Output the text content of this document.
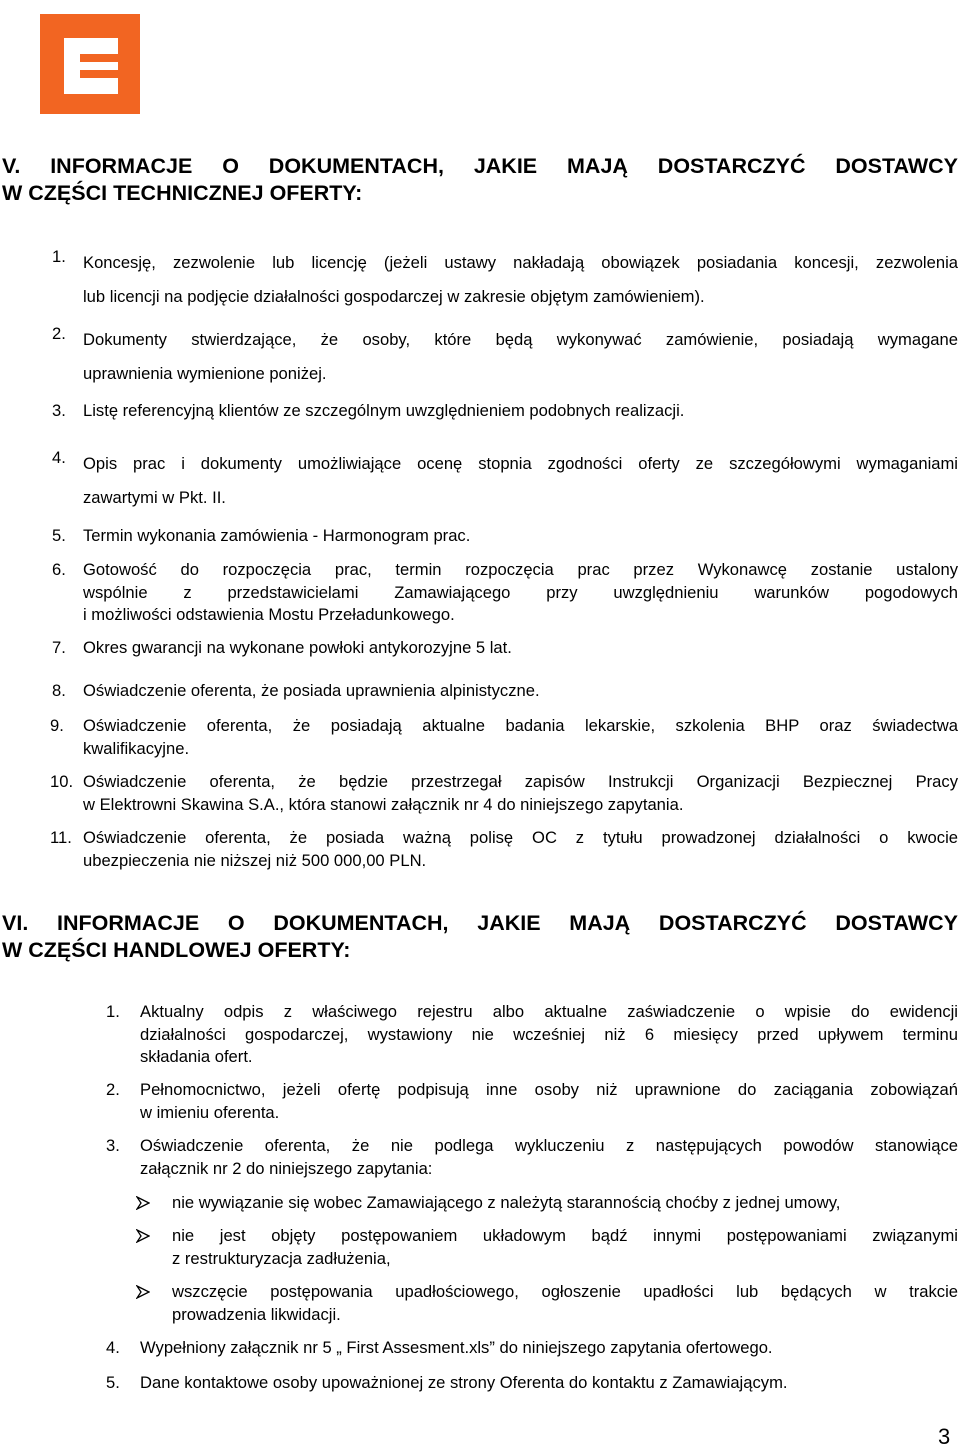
V. INFORMACJE O DOKUMENTACH, JAKIE MAJĄ DOSTARCZYĆ DOSTAWCY
W CZĘŚCI TECHNICZNEJ OFERTY:
1. Koncesję, zezwolenie lub licencję (jeżeli ustawy nakładają obowiązek posiadania koncesji, zezwolenia
lub licencji na podjęcie działalności gospodarczej w zakresie objętym zamówieniem).
2. Dokumenty stwierdzające, że osoby, które będą wykonywać zamówienie, posiadają wymagane
uprawnienia wymienione poniżej.
3. Listę referencyjną klientów ze szczególnym uwzględnieniem podobnych realizacji.
4. Opis prac i dokumenty umożliwiające ocenę stopnia zgodności oferty ze szczegółowymi wymaganiami
zawartymi w Pkt. II.
5. Termin wykonania zamówienia - Harmonogram prac.
6. Gotowość do rozpoczęcia prac, termin rozpoczęcia prac przez Wykonawcę zostanie ustalony
wspólnie z przedstawicielami Zamawiającego przy uwzględnieniu warunków pogodowych
i możliwości odstawienia Mostu Przeładunkowego.
7. Okres gwarancji na wykonane powłoki antykorozyjne 5 lat.
8. Oświadczenie oferenta, że posiada uprawnienia alpinistyczne.
9. Oświadczenie oferenta, że posiadają aktualne badania lekarskie, szkolenia BHP oraz świadectwa
kwalifikacyjne.
10. Oświadczenie oferenta, że będzie przestrzegał zapisów Instrukcji Organizacji Bezpiecznej Pracy
w Elektrowni Skawina S.A., która stanowi załącznik nr 4 do niniejszego zapytania.
11. Oświadczenie oferenta, że posiada ważną polisę OC z tytułu prowadzonej działalności o kwocie
ubezpieczenia nie niższej niż 500 000,00 PLN.
VI. INFORMACJE O DOKUMENTACH, JAKIE MAJĄ DOSTARCZYĆ DOSTAWCY
W CZĘŚCI HANDLOWEJ OFERTY:
1. Aktualny odpis z właściwego rejestru albo aktualne zaświadczenie o wpisie do ewidencji
działalności gospodarczej, wystawiony nie wcześniej niż 6 miesięcy przed upływem terminu
składania ofert.
2. Pełnomocnictwo, jeżeli ofertę podpisują inne osoby niż uprawnione do zaciągania zobowiązań
w imieniu oferenta.
3. Oświadczenie oferenta, że nie podlega wykluczeniu z następujących powodów stanowiące
załącznik nr 2 do niniejszego zapytania:
nie wywiązanie się wobec Zamawiającego z należytą starannością choćby z jednej umowy,
nie jest objęty postępowaniem układowym bądź innymi postępowaniami związanymi
z restrukturyzacja zadłużenia,
wszczęcie postępowania upadłościowego, ogłoszenie upadłości lub będących w trakcie
prowadzenia likwidacji.
4. Wypełniony załącznik nr 5 „ First Assesment.xls” do niniejszego zapytania ofertowego.
5. Dane kontaktowe osoby upoważnionej ze strony Oferenta do kontaktu z Zamawiającym.
3
